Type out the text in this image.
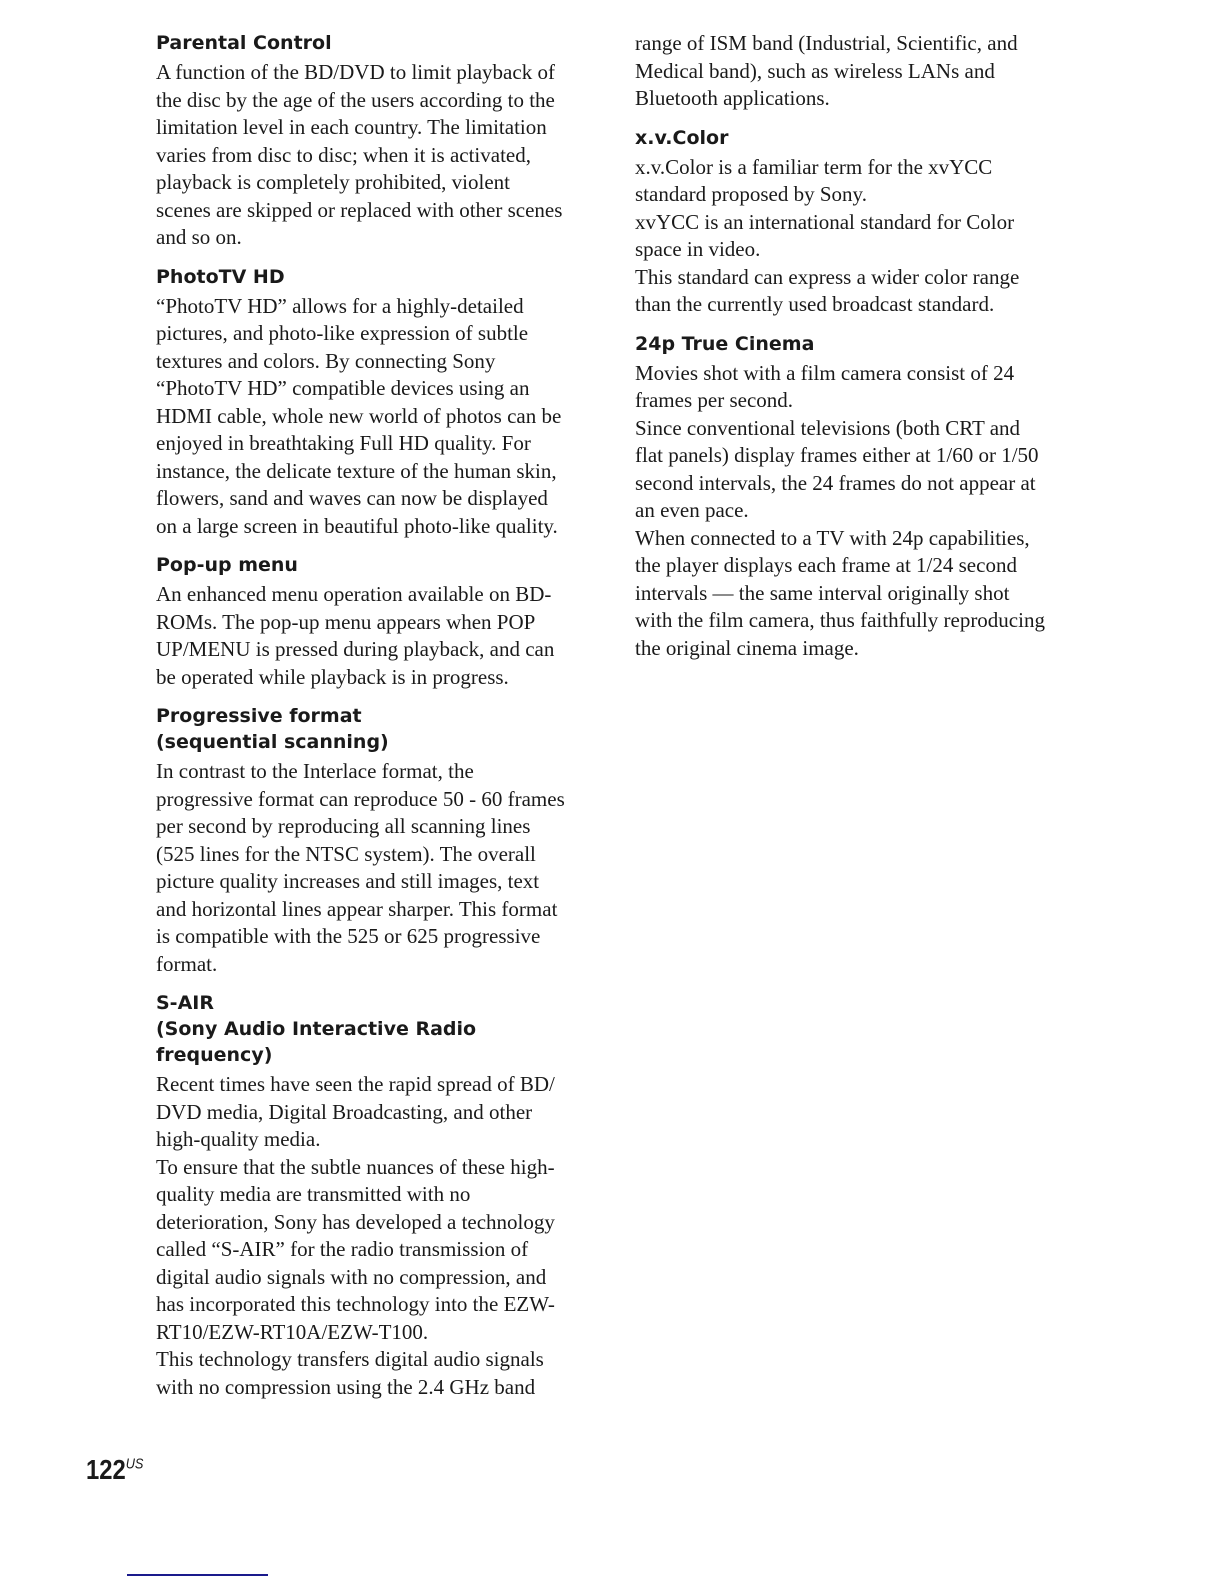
Parental Control
A function of the BD/DVD to limit playback of
the disc by the age of the users according to the
limitation level in each country. The limitation
varies from disc to disc; when it is activated,
playback is completely prohibited, violent
scenes are skipped or replaced with other scenes
and so on.
PhotoTV HD
“PhotoTV HD” allows for a highly-detailed
pictures, and photo-like expression of subtle
textures and colors. By connecting Sony
“PhotoTV HD” compatible devices using an
HDMI cable, whole new world of photos can be
enjoyed in breathtaking Full HD quality. For
instance, the delicate texture of the human skin,
flowers, sand and waves can now be displayed
on a large screen in beautiful photo-like quality.
Pop-up menu
An enhanced menu operation available on BD-
ROMs. The pop-up menu appears when POP
UP/MENU is pressed during playback, and can
be operated while playback is in progress.
Progressive format
(sequential scanning)
In contrast to the Interlace format, the
progressive format can reproduce 50 - 60 frames
per second by reproducing all scanning lines
(525 lines for the NTSC system). The overall
picture quality increases and still images, text
and horizontal lines appear sharper. This format
is compatible with the 525 or 625 progressive
format.
S-AIR
(Sony Audio Interactive Radio
frequency)
Recent times have seen the rapid spread of BD/
DVD media, Digital Broadcasting, and other
high-quality media.
To ensure that the subtle nuances of these high-
quality media are transmitted with no
deterioration, Sony has developed a technology
called “S-AIR” for the radio transmission of
digital audio signals with no compression, and
has incorporated this technology into the EZW-
RT10/EZW-RT10A/EZW-T100.
This technology transfers digital audio signals
with no compression using the 2.4 GHz band
range of ISM band (Industrial, Scientific, and
Medical band), such as wireless LANs and
Bluetooth applications.
x.v.Color
x.v.Color is a familiar term for the xvYCC
standard proposed by Sony.
xvYCC is an international standard for Color
space in video.
This standard can express a wider color range
than the currently used broadcast standard.
24p True Cinema
Movies shot with a film camera consist of 24
frames per second.
Since conventional televisions (both CRT and
flat panels) display frames either at 1/60 or 1/50
second intervals, the 24 frames do not appear at
an even pace.
When connected to a TV with 24p capabilities,
the player displays each frame at 1/24 second
intervals — the same interval originally shot
with the film camera, thus faithfully reproducing
the original cinema image.
$122^{US}$
